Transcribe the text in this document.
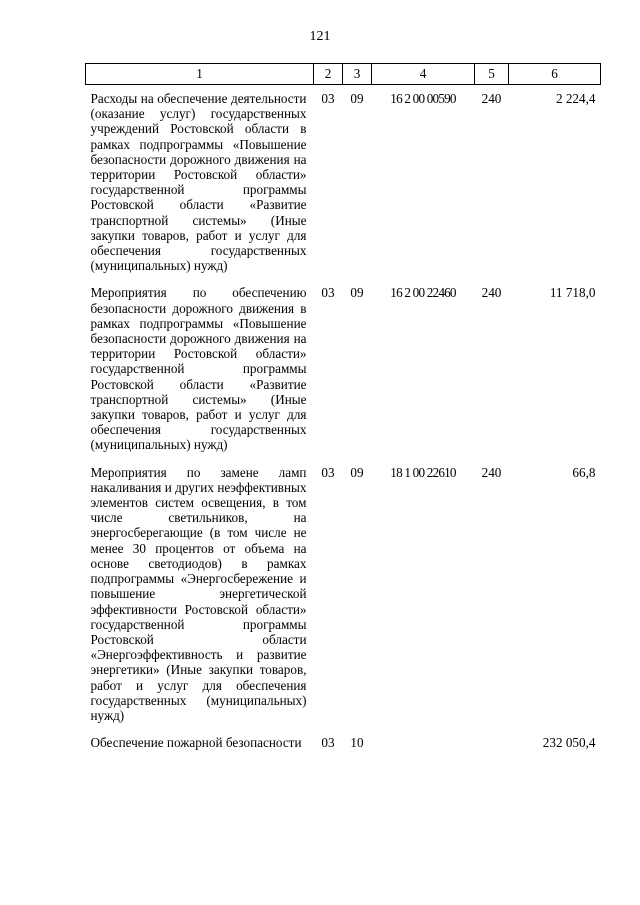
121
1	2	3	4	5	6
Расходы на обеспечение деятельности (оказание услуг) государственных учреждений Ростовской области в рамках подпрограммы «Повышение безопасности дорожного движения на территории Ростовской области» государственной программы Ростовской области «Развитие транспортной системы» (Иные закупки товаров, работ и услуг для обеспечения государственных (муниципальных) нужд)	03	09	16 2 00 00590	240	2 224,4
Мероприятия по обеспечению безопасности дорожного движения в рамках подпрограммы «Повышение безопасности дорожного движения на территории Ростовской области» государственной программы Ростовской области «Развитие транспортной системы» (Иные закупки товаров, работ и услуг для обеспечения государственных (муниципальных) нужд)	03	09	16 2 00 22460	240	11 718,0
Мероприятия по замене ламп накаливания и других неэффективных элементов систем освещения, в том числе светильников, на энергосберегающие (в том числе не менее 30 процентов от объема на основе светодиодов) в рамках подпрограммы «Энергосбережение и повышение энергетической эффективности Ростовской области» государственной программы Ростовской области «Энергоэффективность и развитие энергетики» (Иные закупки товаров, работ и услуг для обеспечения государственных (муниципальных) нужд)	03	09	18 1 00 22610	240	66,8
Обеспечение пожарной безопасности	03	10			232 050,4
